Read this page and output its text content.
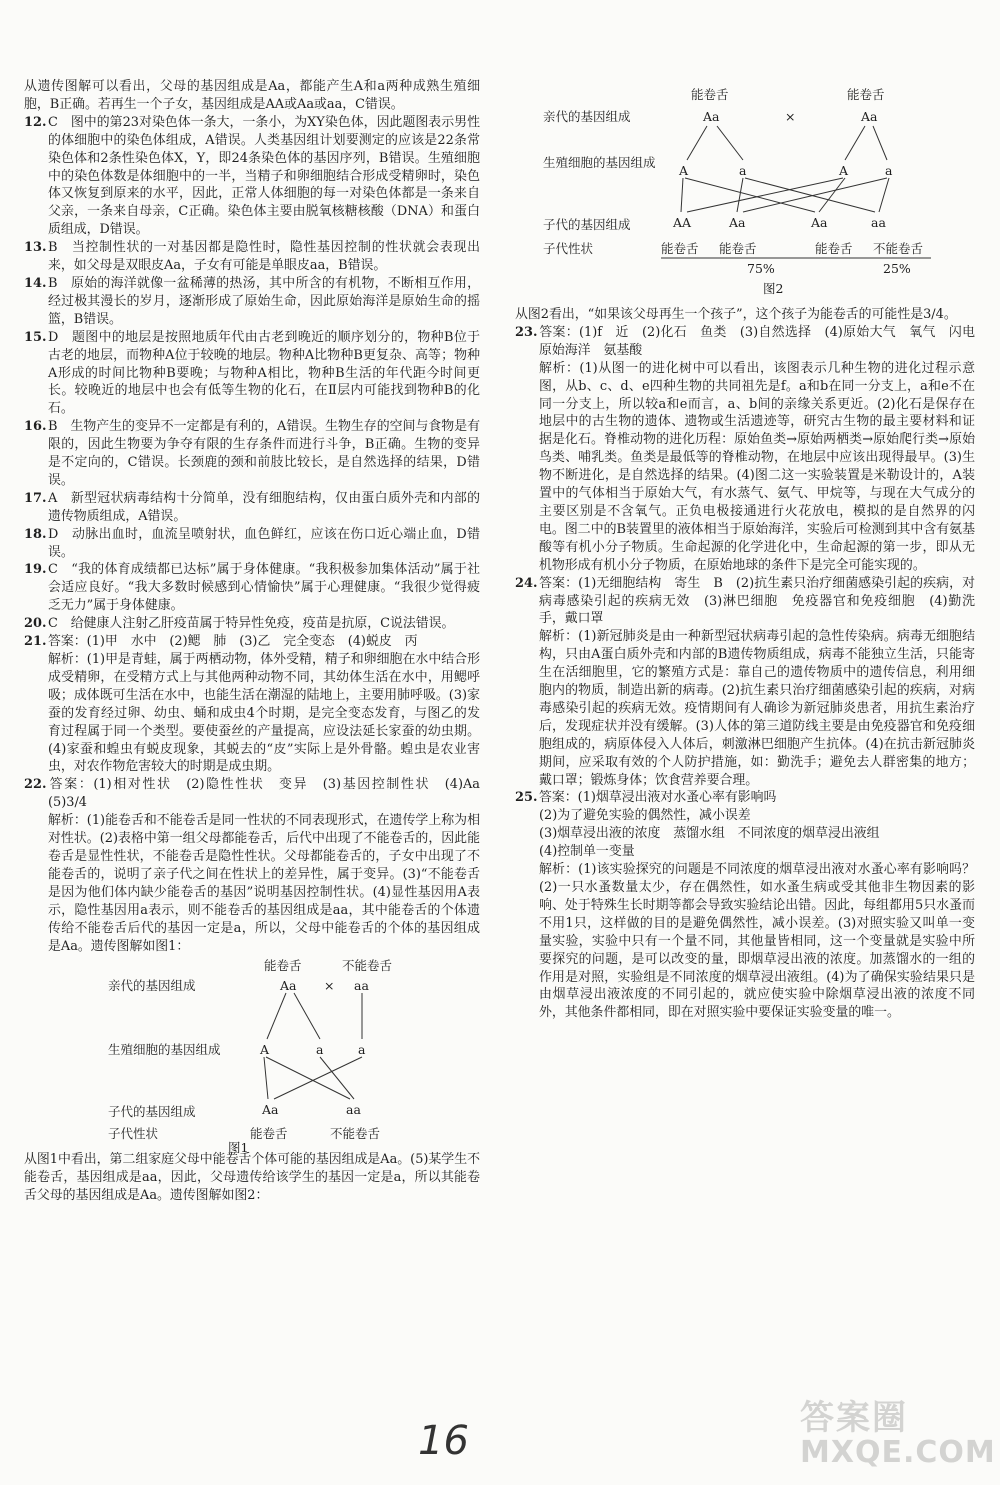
从遗传图解可以看出，父母的基因组成是Aa，都能产生A和a两种成熟生殖细胞，B正确。若再生一个子女，基因组成是AA或Aa或aa，C错误。

12. C　图中的第23对染色体一条大，一条小，为XY染色体，因此题图表示男性的体细胞中的染色体组成，A错误。人类基因组计划要测定的应该是22条常染色体和2条性染色体X，Y，即24条染色体的基因序列，B错误。生殖细胞中的染色体数是体细胞中的一半，当精子和卵细胞结合形成受精卵时，染色体又恢复到原来的水平，因此，正常人体细胞的每一对染色体都是一条来自父亲，一条来自母亲，C正确。染色体主要由脱氧核糖核酸（DNA）和蛋白质组成，D错误。

13. B　当控制性状的一对基因都是隐性时，隐性基因控制的性状就会表现出来，如父母是双眼皮Aa，子女有可能是单眼皮aa，B错误。

14. B　原始的海洋就像一盆稀薄的热汤，其中所含的有机物，不断相互作用，经过极其漫长的岁月，逐渐形成了原始生命，因此原始海洋是原始生命的摇篮，B错误。

15. D　题图中的地层是按照地质年代由古老到晚近的顺序划分的，物种B位于古老的地层，而物种A位于较晚的地层。物种A比物种B更复杂、高等；物种A形成的时间比物种B要晚；与物种A相比，物种B生活的年代距今时间更长。较晚近的地层中也会有低等生物的化石，在Ⅱ层内可能找到物种B的化石。

16. B　生物产生的变异不一定都是有利的，A错误。生物生存的空间与食物是有限的，因此生物要为争夺有限的生存条件而进行斗争，B正确。生物的变异是不定向的，C错误。长颈鹿的颈和前肢比较长，是自然选择的结果，D错误。

17. A　新型冠状病毒结构十分简单，没有细胞结构，仅由蛋白质外壳和内部的遗传物质组成，A错误。

18. D　动脉出血时，血流呈喷射状，血色鲜红，应该在伤口近心端止血，D错误。

19. C　“我的体育成绩都已达标”属于身体健康。“我积极参加集体活动”属于社会适应良好。“我大多数时候感到心情愉快”属于心理健康。“我很少觉得疲乏无力”属于身体健康。

20. C　给健康人注射乙肝疫苗属于特异性免疫，疫苗是抗原，C说法错误。

21. 答案：(1)甲　水中　(2)鳃　肺　(3)乙　完全变态　(4)蜕皮　丙

解析：(1)甲是青蛙，属于两栖动物，体外受精，精子和卵细胞在水中结合形成受精卵，在受精方式上与其他两种动物不同，其幼体生活在水中，用鳃呼吸；成体既可生活在水中，也能生活在潮湿的陆地上，主要用肺呼吸。(3)家蚕的发育经过卵、幼虫、蛹和成虫4个时期，是完全变态发育，与图乙的发育过程属于同一个类型。要使蚕丝的产量提高，应设法延长家蚕的幼虫期。(4)家蚕和蝗虫有蜕皮现象，其蜕去的“皮”实际上是外骨骼。蝗虫是农业害虫，对农作物危害较大的时期是成虫期。

22. 答案：(1)相对性状　(2)隐性性状　变异　(3)基因控制性状　(4)Aa　(5)3/4

解析：(1)能卷舌和不能卷舌是同一性状的不同表现形式，在遗传学上称为相对性状。(2)表格中第一组父母都能卷舌，后代中出现了不能卷舌的，因此能卷舌是显性性状，不能卷舌是隐性性状。父母都能卷舌的，子女中出现了不能卷舌的，说明了亲子代之间在性状上的差异性，属于变异。(3)“不能卷舌是因为他们体内缺少能卷舌的基因”说明基因控制性状。(4)显性基因用A表示，隐性基因用a表示，则不能卷舌的基因组成是aa，其中能卷舌的个体遗传给不能卷舌后代的基因一定是a，所以，父母中能卷舌的个体的基因组成是Aa。遗传图解如图1：

能卷舌	不能卷舌
亲代的基因组成	Aa × aa
生殖细胞的基因组成	A	a	a
子代的基因组成	Aa	aa
子代性状	能卷舌	不能卷舌
图1

从图1中看出，第二组家庭父母中能卷舌个体可能的基因组成是Aa。(5)某学生不能卷舌，基因组成是aa，因此，父母遗传给该学生的基因一定是a，所以其能卷舌父母的基因组成是Aa。遗传图解如图2：

能卷舌	能卷舌
亲代的基因组成	Aa	×	Aa
生殖细胞的基因组成
A	a	A	a
子代的基因组成	AA	Aa	Aa	aa
子代性状	能卷舌 能卷舌	能卷舌 不能卷舌
75%	25%
图2

从图2看出，“如果该父母再生一个孩子”，这个孩子为能卷舌的可能性是3/4。

23. 答案：(1)f　近　(2)化石　鱼类　(3)自然选择　(4)原始大气　氧气　闪电　原始海洋　氨基酸

解析：(1)从图一的进化树中可以看出，该图表示几种生物的进化过程示意图，从b、c、d、e四种生物的共同祖先是f。a和b在同一分支上，a和e不在同一分支上，所以较a和e而言，a、b间的亲缘关系更近。(2)化石是保存在地层中的古生物的遗体、遗物或生活遗迹等，研究古生物的最主要材料和证据是化石。脊椎动物的进化历程：原始鱼类→原始两栖类→原始爬行类→原始鸟类、哺乳类。鱼类是最低等的脊椎动物，在地层中应该出现得最早。(3)生物不断进化，是自然选择的结果。(4)图二这一实验装置是米勒设计的，A装置中的气体相当于原始大气，有水蒸气、氨气、甲烷等，与现在大气成分的主要区别是不含氧气。正负电极接通进行火花放电，模拟的是自然界的闪电。图二中的B装置里的液体相当于原始海洋，实验后可检测到其中含有氨基酸等有机小分子物质。生命起源的化学进化中，生命起源的第一步，即从无机物形成有机小分子物质，在原始地球的条件下是完全可能实现的。

24. 答案：(1)无细胞结构　寄生　B　(2)抗生素只治疗细菌感染引起的疾病，对病毒感染引起的疾病无效　(3)淋巴细胞　免疫器官和免疫细胞　(4)勤洗手，戴口罩

解析：(1)新冠肺炎是由一种新型冠状病毒引起的急性传染病。病毒无细胞结构，只由A蛋白质外壳和内部的B遗传物质组成，病毒不能独立生活，只能寄生在活细胞里，它的繁殖方式是：靠自己的遗传物质中的遗传信息，利用细胞内的物质，制造出新的病毒。(2)抗生素只治疗细菌感染引起的疾病，对病毒感染引起的疾病无效。疫情期间有人确诊为新冠肺炎患者，用抗生素治疗后，发现症状并没有缓解。(3)人体的第三道防线主要是由免疫器官和免疫细胞组成的，病原体侵入人体后，刺激淋巴细胞产生抗体。(4)在抗击新冠肺炎期间，应采取有效的个人防护措施，如：勤洗手；避免去人群密集的地方；戴口罩；锻炼身体；饮食营养要合理。

25. 答案：(1)烟草浸出液对水蚤心率有影响吗

(2)为了避免实验的偶然性，减小误差

(3)烟草浸出液的浓度　蒸馏水组　不同浓度的烟草浸出液组

(4)控制单一变量

解析：(1)该实验探究的问题是不同浓度的烟草浸出液对水蚤心率有影响吗？(2)一只水蚤数量太少，存在偶然性，如水蚤生病或受其他非生物因素的影响、处于特殊生长时期等都会导致实验结论出错。因此，每组都用5只水蚤而不用1只，这样做的目的是避免偶然性，减小误差。(3)对照实验又叫单一变量实验，实验中只有一个量不同，其他量皆相同，这一个变量就是实验中所要探究的问题，是可以改变的量，即烟草浸出液的浓度。加蒸馏水的一组的作用是对照，实验组是不同浓度的烟草浸出液组。(4)为了确保实验结果只是由烟草浸出液浓度的不同引起的，就应使实验中除烟草浸出液的浓度不同外，其他条件都相同，即在对照实验中要保证实验变量的唯一。

16	答案圈
MXQE.COM
